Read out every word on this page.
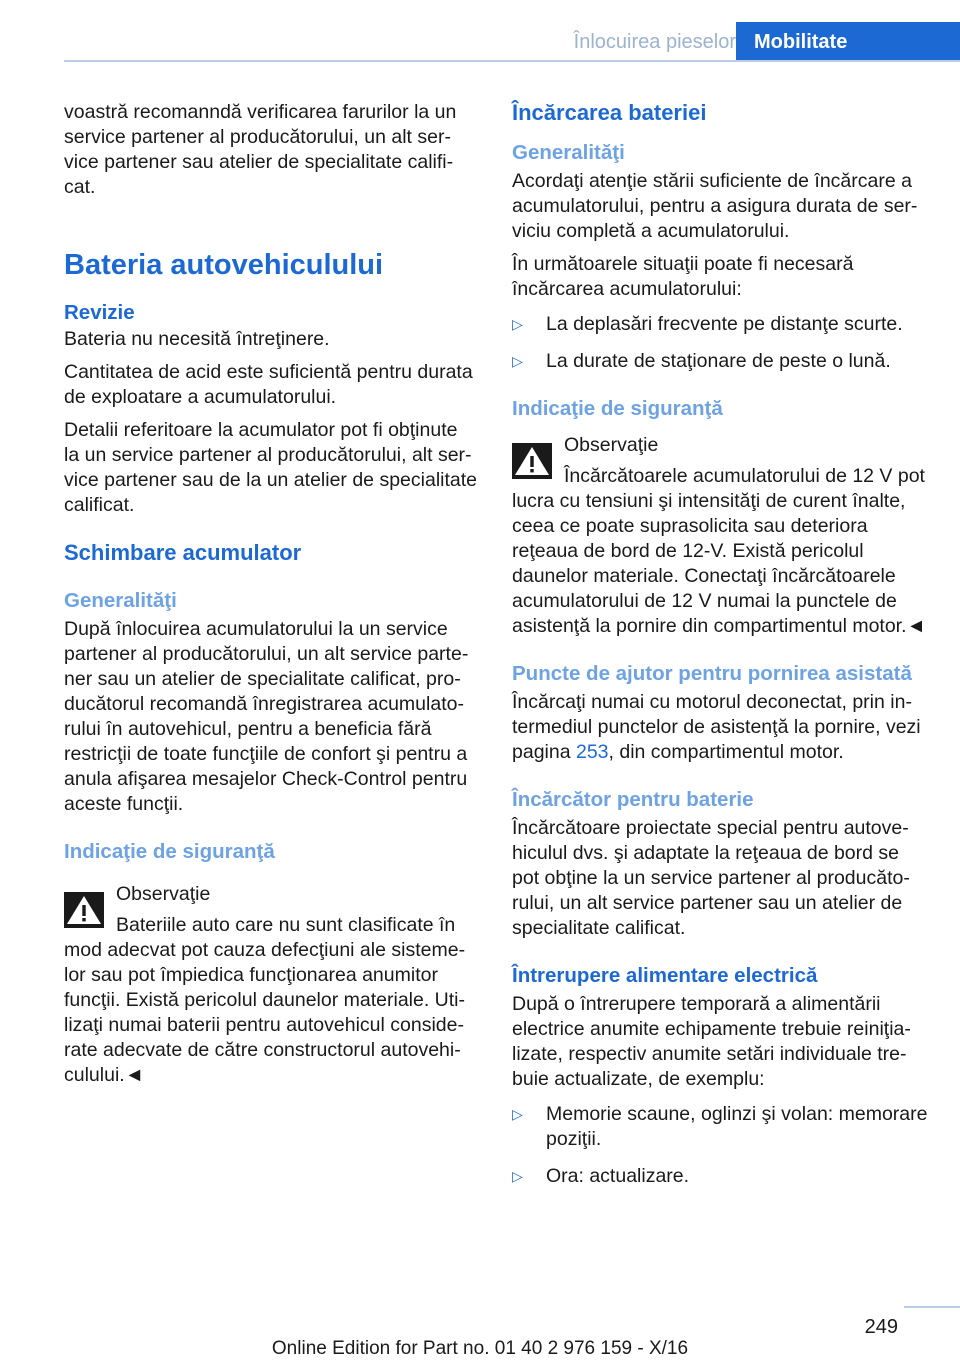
Înlocuirea pieselor Mobilitate

voastră recomanndă verificarea farurilor la un service partener al producătorului, un alt service partener sau atelier de specialitate calificat.

Bateria autovehiculului
Revizie

Bateria nu necesită întreţinere.

Cantitatea de acid este suficientă pentru durata de exploatare a acumulatorului.

Detalii referitoare la acumulator pot fi obţinute la un service partener al producătorului, alt service partener sau de la un atelier de specialitate calificat.

Schimbare acumulator
Generalităţi

După înlocuirea acumulatorului la un service partener al producătorului, un alt service partener sau un atelier de specialitate calificat, producătorul recomandă înregistrarea acumulatorului în autovehicul, pentru a beneficia fără restricţii de toate funcţiile de confort şi pentru a anula afişarea mesajelor Check-Control pentru aceste funcţii.

Indicaţie de siguranţă

Observaţie

Bateriile auto care nu sunt clasificate în mod adecvat pot cauza defecţiuni ale sistemelor sau pot împiedica funcţionarea anumitor funcţii. Există pericolul daunelor materiale. Utilizaţi numai baterii pentru autovehicul considerate adecvate de către constructorul autovehiculului.◄

Încărcarea bateriei
Generalităţi

Acordaţi atenţie stării suficiente de încărcare a acumulatorului, pentru a asigura durata de serviciu completă a acumulatorului.

În următoarele situaţii poate fi necesară încărcarea acumulatorului:

▷ La deplasări frecvente pe distanţe scurte.
▷ La durate de staţionare de peste o lună.
Indicaţie de siguranţă

Observaţie

Încărcătoarele acumulatorului de 12 V pot lucra cu tensiuni şi intensităţi de curent înalte, ceea ce poate suprasolicita sau deteriora reţeaua de bord de 12-V. Există pericolul daunelor materiale. Conectaţi încărcătoarele acumulatorului de 12 V numai la punctele de asistenţă la pornire din compartimentul motor.◄

Puncte de ajutor pentru pornirea asistată

Încărcaţi numai cu motorul deconectat, prin intermediul punctelor de asistenţă la pornire, vezi pagina 253, din compartimentul motor.

Încărcător pentru baterie

Încărcătoare proiectate special pentru autovehiculul dvs. şi adaptate la reţeaua de bord se pot obţine la un service partener al producătorului, un alt service partener sau un atelier de specialitate calificat.

Întrerupere alimentare electrică

După o întrerupere temporară a alimentării electrice anumite echipamente trebuie reiniţializate, respectiv anumite setări individuale trebuie actualizate, de exemplu:

▷ Memorie scaune, oglinzi şi volan: memorare poziţii.
▷ Ora: actualizare.
249
Online Edition for Part no. 01 40 2 976 159 - X/16
